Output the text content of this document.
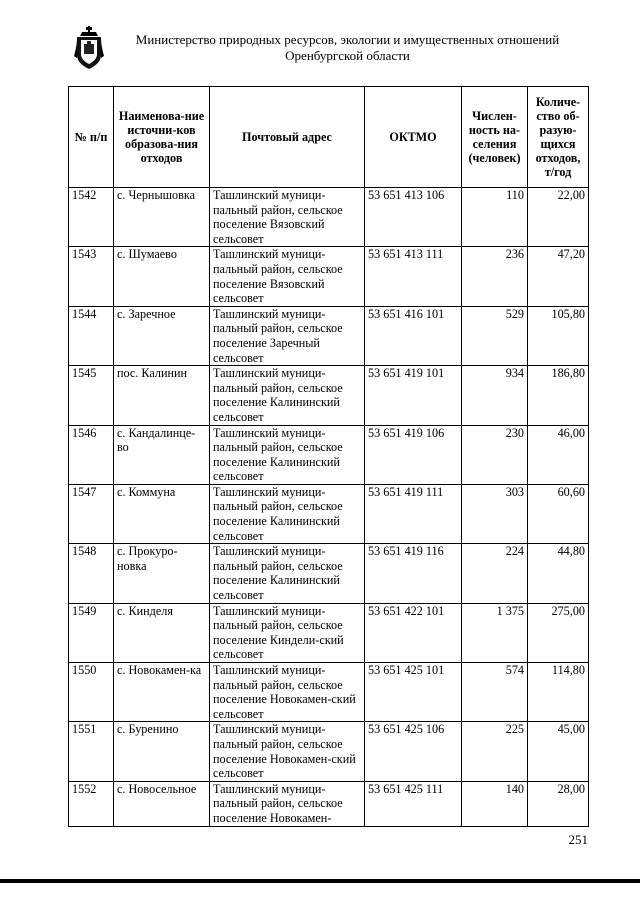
Министерство природных ресурсов, экологии и имущественных отношений
Оренбургской области
№ п/п	Наименова-ние источни-ков образова-ния отходов	Почтовый адрес	ОКТМО	Числен-ность на-селения (человек)	Количе-ство об-разую-щихся отходов, т/год
1542	с. Чернышовка	Ташлинский муници-пальный район, сельское поселение Вязовский сельсовет	53 651 413 106	110	22,00
1543	с. Шумаево	Ташлинский муници-пальный район, сельское поселение Вязовский сельсовет	53 651 413 111	236	47,20
1544	с. Заречное	Ташлинский муници-пальный район, сельское поселение Заречный сельсовет	53 651 416 101	529	105,80
1545	пос. Калинин	Ташлинский муници-пальный район, сельское поселение Калининский сельсовет	53 651 419 101	934	186,80
1546	с. Кандалинце-во	Ташлинский муници-пальный район, сельское поселение Калининский сельсовет	53 651 419 106	230	46,00
1547	с. Коммуна	Ташлинский муници-пальный район, сельское поселение Калининский сельсовет	53 651 419 111	303	60,60
1548	с. Прокуро-новка	Ташлинский муници-пальный район, сельское поселение Калининский сельсовет	53 651 419 116	224	44,80
1549	с. Кинделя	Ташлинский муници-пальный район, сельское поселение Киндели-ский сельсовет	53 651 422 101	1 375	275,00
1550	с. Новокамен-ка	Ташлинский муници-пальный район, сельское поселение Новокамен-ский сельсовет	53 651 425 101	574	114,80
1551	с. Буренино	Ташлинский муници-пальный район, сельское поселение Новокамен-ский сельсовет	53 651 425 106	225	45,00
1552	с. Новосельное	Ташлинский муници-пальный район, сельское поселение Новокамен-	53 651 425 111	140	28,00
251
